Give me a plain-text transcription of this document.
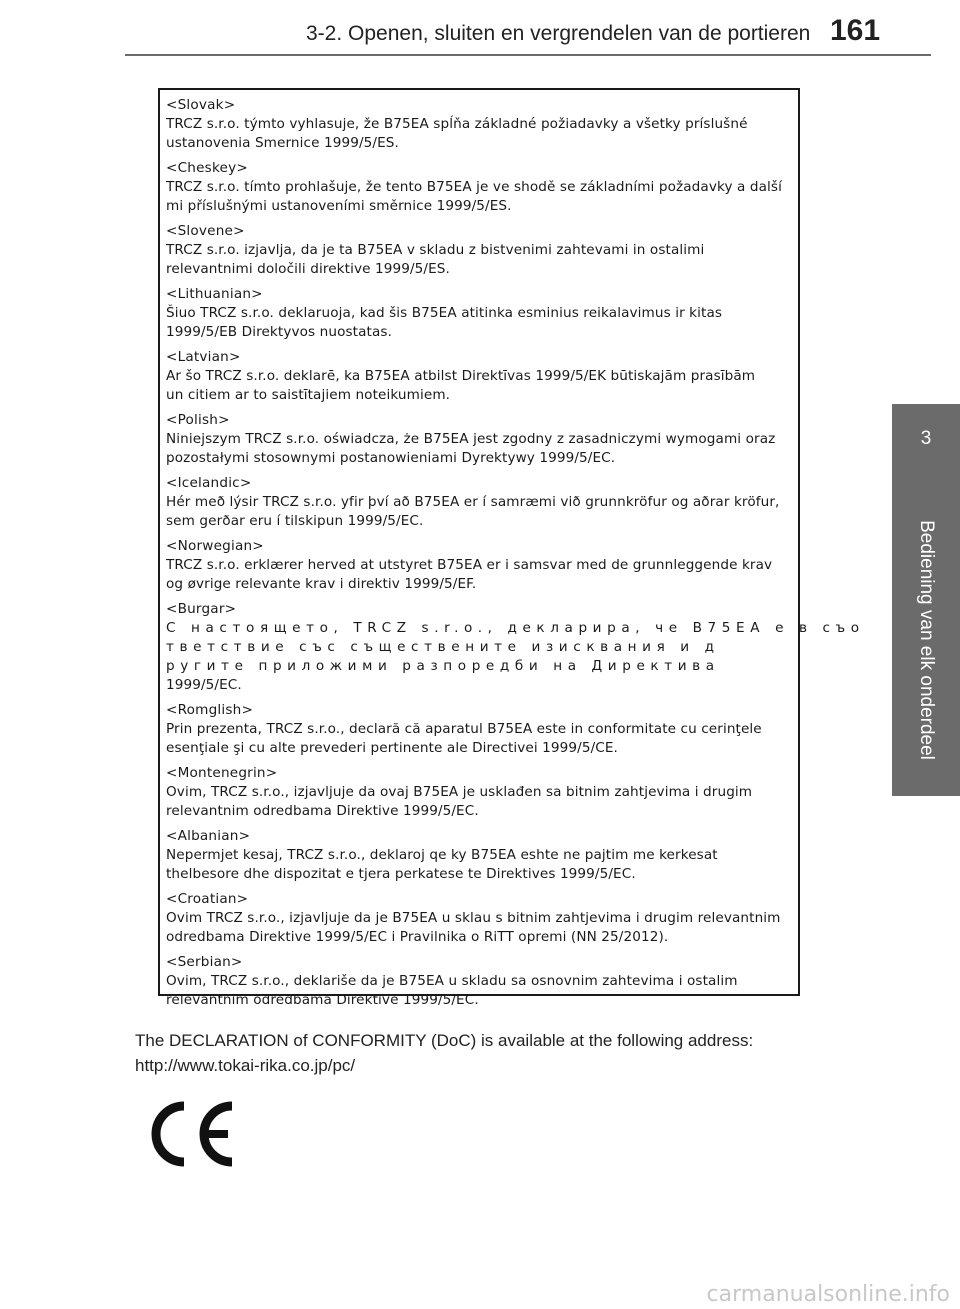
3-2. Openen, sluiten en vergrendelen van de portieren 161
3
Bediening van elk onderdeel
<Slovak>
TRCZ s.r.o. týmto vyhlasuje, že B75EA spĺňa základné požiadavky a všetky príslušné
ustanovenia Smernice 1999/5/ES.
<Cheskey>
TRCZ s.r.o. tímto prohlašuje, že tento B75EA je ve shodě se základními požadavky a další
mi příslušnými ustanoveními směrnice 1999/5/ES.
<Slovene>
TRCZ s.r.o. izjavlja, da je ta B75EA v skladu z bistvenimi zahtevami in ostalimi
relevantnimi določili direktive 1999/5/ES.
<Lithuanian>
Šiuo TRCZ s.r.o. deklaruoja, kad šis B75EA atitinka esminius reikalavimus ir kitas
1999/5/EB Direktyvos nuostatas.
<Latvian>
Ar šo TRCZ s.r.o. deklarē, ka B75EA atbilst Direktīvas 1999/5/EK būtiskajām prasībām
un citiem ar to saistītajiem noteikumiem.
<Polish>
Niniejszym TRCZ s.r.o. oświadcza, że B75EA jest zgodny z zasadniczymi wymogami oraz
pozostałymi stosownymi postanowieniami Dyrektywy 1999/5/EC.
<Icelandic>
Hér með lýsir TRCZ s.r.o. yfir því að B75EA er í samræmi við grunnkröfur og aðrar kröfur,
sem gerðar eru í tilskipun 1999/5/EC.
<Norwegian>
TRCZ s.r.o. erklærer herved at utstyret B75EA er i samsvar med de grunnleggende krav
og øvrige relevante krav i direktiv 1999/5/EF.
<Burgar>
С настоящето, TRCZ s.r.o., декларира, че B75EA е в съо
тветствие със съществените изисквания и д
ругите приложими разпоредби на Директива
1999/5/ЕС.
<Romglish>
Prin prezenta, TRCZ s.r.o., declară că aparatul B75EA este in conformitate cu cerinţele
esenţiale şi cu alte prevederi pertinente ale Directivei 1999/5/CE.
<Montenegrin>
Ovim, TRCZ s.r.o., izjavljuje da ovaj B75EA je usklađen sa bitnim zahtjevima i drugim
relevantnim odredbama Direktive 1999/5/EC.
<Albanian>
Nepermjet kesaj, TRCZ s.r.o., deklaroj qe ky B75EA eshte ne pajtim me kerkesat
thelbesore dhe dispozitat e tjera perkatese te Direktives 1999/5/EC.
<Croatian>
Ovim TRCZ s.r.o., izjavljuje da je B75EA u sklau s bitnim zahtjevima i drugim relevantnim
odredbama Direktive 1999/5/EC i Pravilnika o RiTT opremi (NN 25/2012).
<Serbian>
Ovim, TRCZ s.r.o., deklariše da je B75EA u skladu sa osnovnim zahtevima i ostalim
relevantnim odredbama Direktive 1999/5/EC.
The DECLARATION of CONFORMITY (DoC) is available at the following address:
http://www.tokai-rika.co.jp/pc/
carmanualsonline.info
